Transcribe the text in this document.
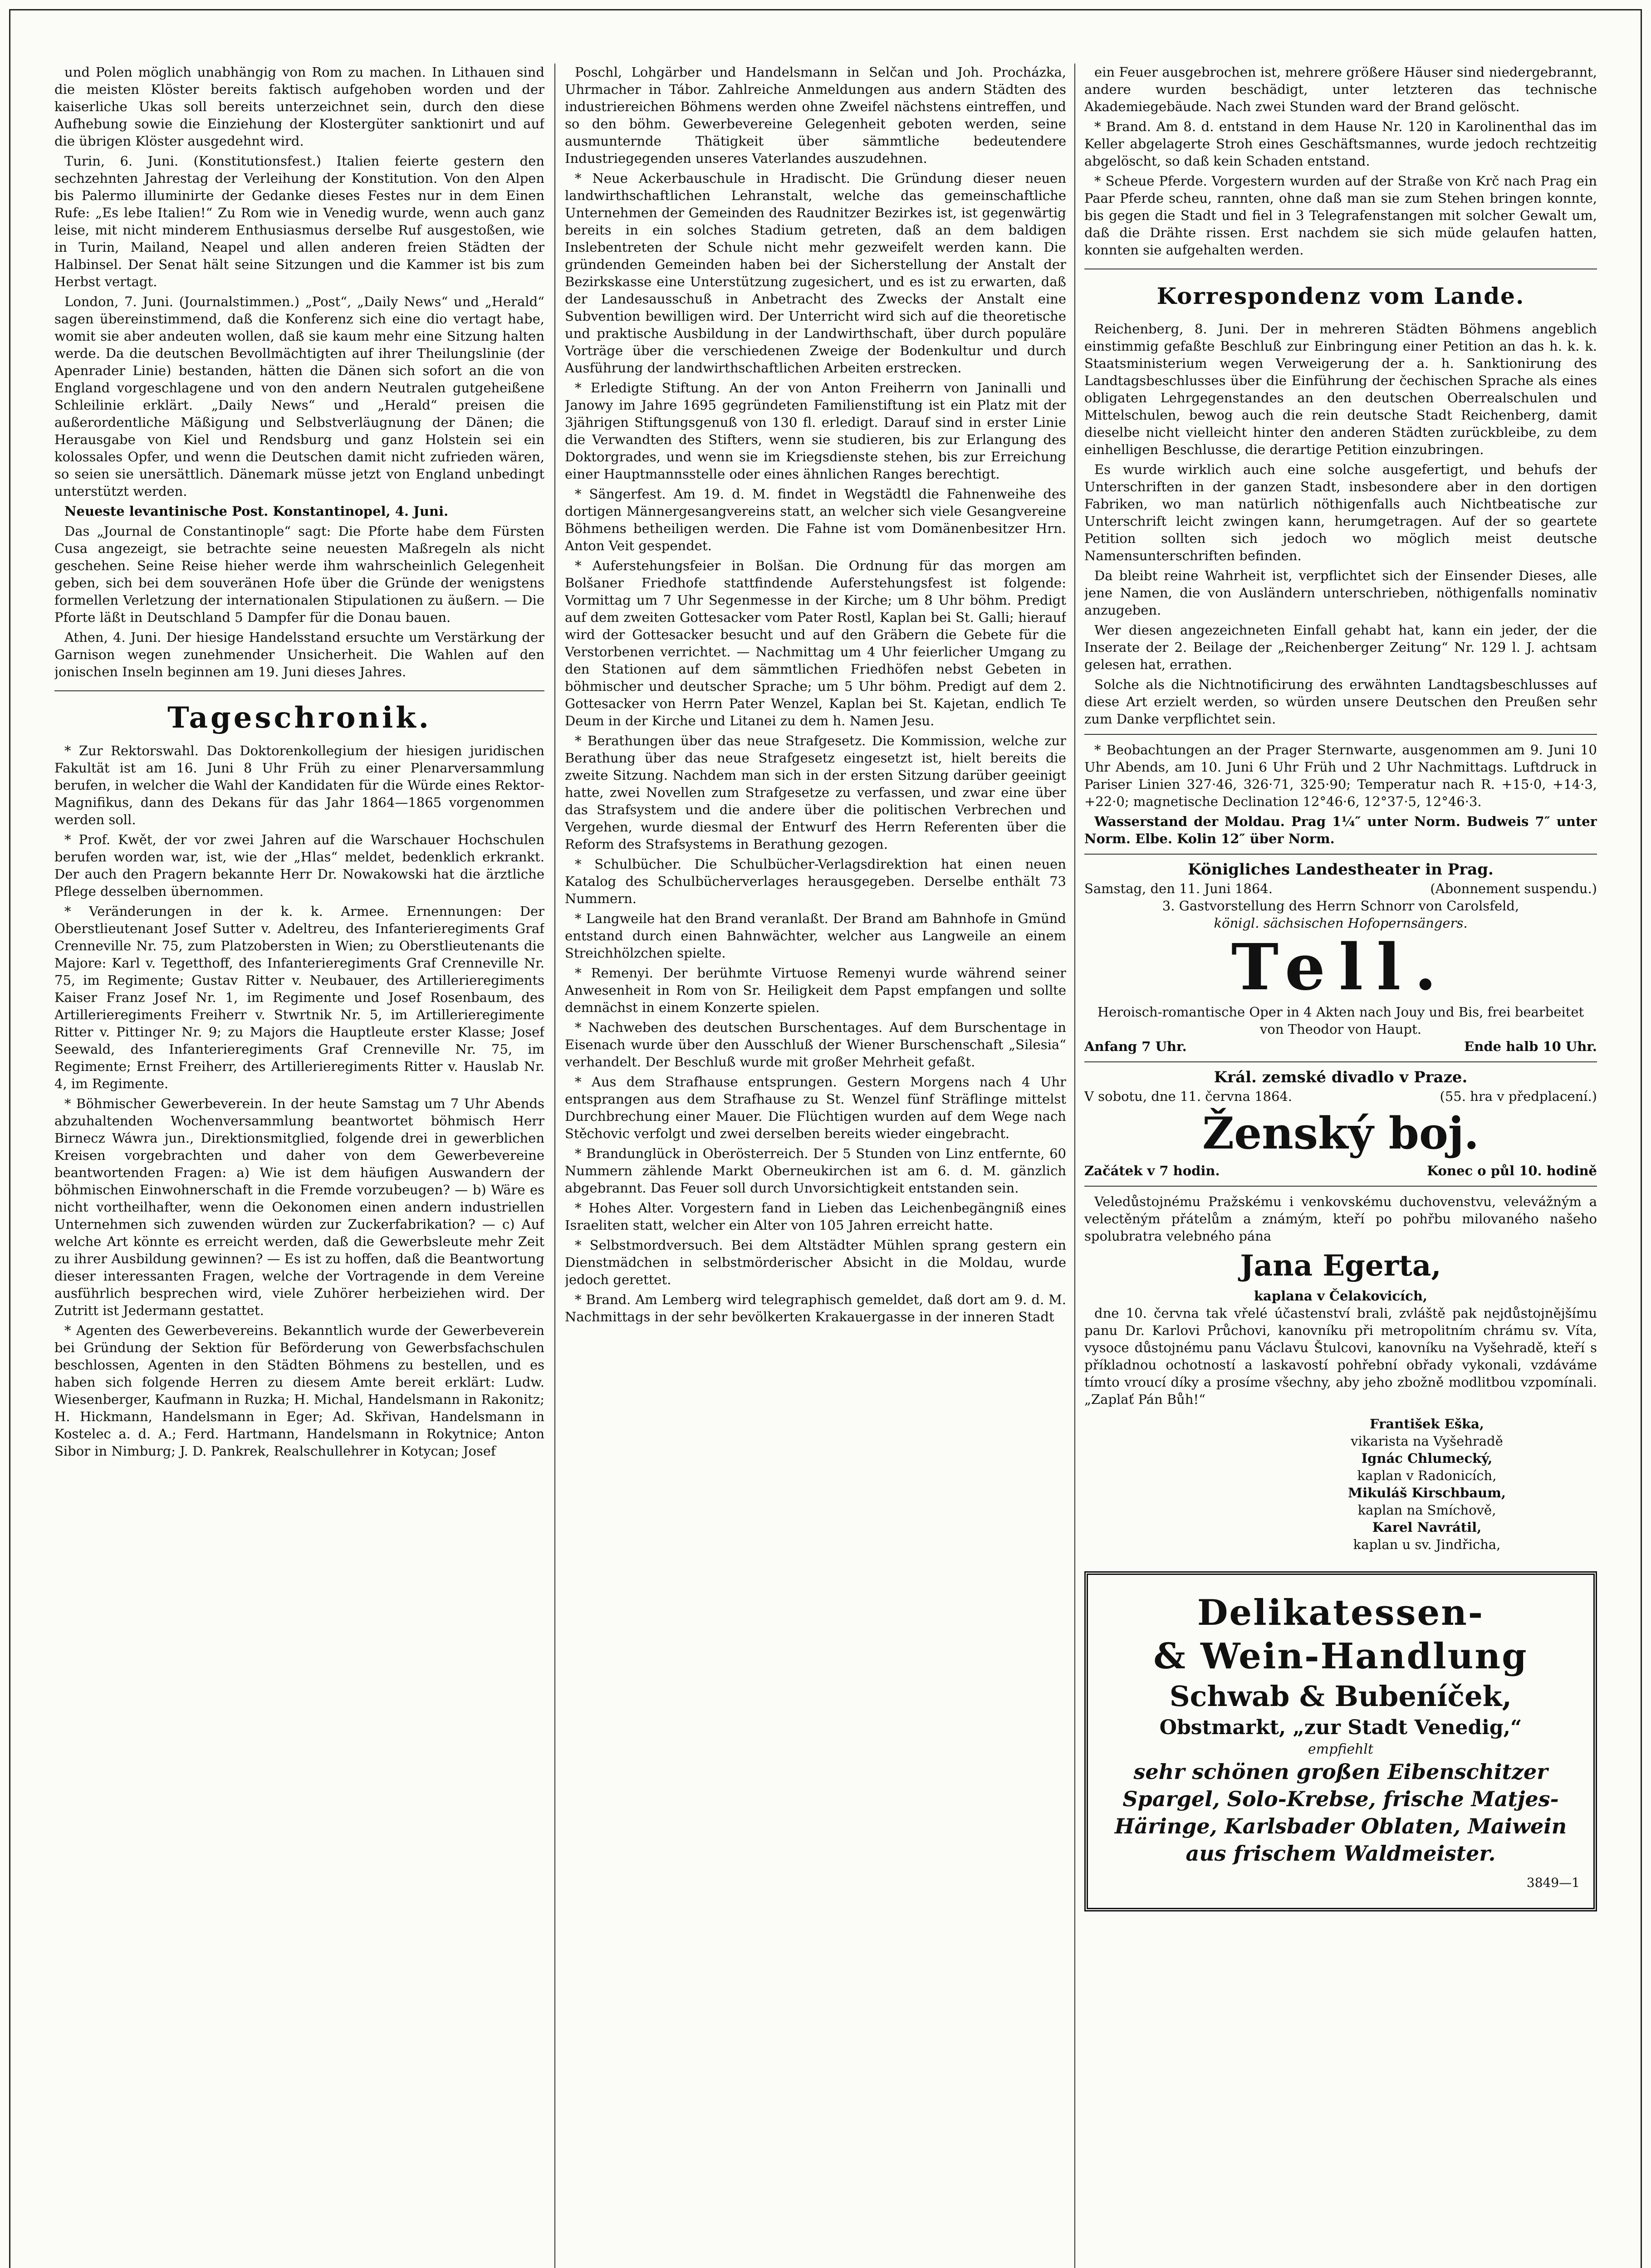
und Polen möglich unabhängig von Rom zu machen. In Lithauen sind die meisten Klöster bereits faktisch aufgehoben worden und der kaiserliche Ukas soll bereits unterzeichnet sein, durch den diese Aufhebung sowie die Einziehung der Klostergüter sanktionirt und auf die übrigen Klöster ausgedehnt wird.

Turin, 6. Juni. (Konstitutionsfest.) Italien feierte gestern den sechzehnten Jahrestag der Verleihung der Konstitution. Von den Alpen bis Palermo illuminirte der Gedanke dieses Festes nur in dem Einen Rufe: „Es lebe Italien!“ Zu Rom wie in Venedig wurde, wenn auch ganz leise, mit nicht minderem Enthusiasmus derselbe Ruf ausgestoßen, wie in Turin, Mailand, Neapel und allen anderen freien Städten der Halbinsel. Der Senat hält seine Sitzungen und die Kammer ist bis zum Herbst vertagt.

London, 7. Juni. (Journalstimmen.) „Post“, „Daily News“ und „Herald“ sagen übereinstimmend, daß die Konferenz sich eine dio vertagt habe, womit sie aber andeuten wollen, daß sie kaum mehr eine Sitzung halten werde. Da die deutschen Bevollmächtigten auf ihrer Theilungslinie (der Apenrader Linie) bestanden, hätten die Dänen sich sofort an die von England vorgeschlagene und von den andern Neutralen gutgeheißene Schleilinie erklärt. „Daily News“ und „Herald“ preisen die außerordentliche Mäßigung und Selbstverläugnung der Dänen; die Herausgabe von Kiel und Rendsburg und ganz Holstein sei ein kolossales Opfer, und wenn die Deutschen damit nicht zufrieden wären, so seien sie unersättlich. Dänemark müsse jetzt von England unbedingt unterstützt werden.

Neueste levantinische Post. Konstantinopel, 4. Juni.

Das „Journal de Constantinople“ sagt: Die Pforte habe dem Fürsten Cusa angezeigt, sie betrachte seine neuesten Maßregeln als nicht geschehen. Seine Reise hieher werde ihm wahrscheinlich Gelegenheit geben, sich bei dem souveränen Hofe über die Gründe der wenigstens formellen Verletzung der internationalen Stipulationen zu äußern. — Die Pforte läßt in Deutschland 5 Dampfer für die Donau bauen.

Athen, 4. Juni. Der hiesige Handelsstand ersuchte um Verstärkung der Garnison wegen zunehmender Unsicherheit. Die Wahlen auf den jonischen Inseln beginnen am 19. Juni dieses Jahres.

Tageschronik.

* Zur Rektorswahl. Das Doktorenkollegium der hiesigen juridischen Fakultät ist am 16. Juni 8 Uhr Früh zu einer Plenarversammlung berufen, in welcher die Wahl der Kandidaten für die Würde eines Rektor-Magnifikus, dann des Dekans für das Jahr 1864—1865 vorgenommen werden soll.

* Prof. Kwět, der vor zwei Jahren auf die Warschauer Hochschulen berufen worden war, ist, wie der „Hlas“ meldet, bedenklich erkrankt. Der auch den Pragern bekannte Herr Dr. Nowakowski hat die ärztliche Pflege desselben übernommen.

* Veränderungen in der k. k. Armee. Ernennungen: Der Oberstlieutenant Josef Sutter v. Adeltreu, des Infanterieregiments Graf Crenneville Nr. 75, zum Platzobersten in Wien; zu Oberstlieutenants die Majore: Karl v. Tegetthoff, des Infanterieregiments Graf Crenneville Nr. 75, im Regimente; Gustav Ritter v. Neubauer, des Artillerieregiments Kaiser Franz Josef Nr. 1, im Regimente und Josef Rosenbaum, des Artillerieregiments Freiherr v. Stwrtnik Nr. 5, im Artillerieregimente Ritter v. Pittinger Nr. 9; zu Majors die Hauptleute erster Klasse; Josef Seewald, des Infanterieregiments Graf Crenneville Nr. 75, im Regimente; Ernst Freiherr, des Artillerieregiments Ritter v. Hauslab Nr. 4, im Regimente.

* Böhmischer Gewerbeverein. In der heute Samstag um 7 Uhr Abends abzuhaltenden Wochenversammlung beantwortet böhmisch Herr Birnecz Wáwra jun., Direktionsmitglied, folgende drei in gewerblichen Kreisen vorgebrachten und daher von dem Gewerbevereine beantwortenden Fragen: a) Wie ist dem häufigen Auswandern der böhmischen Einwohnerschaft in die Fremde vorzubeugen? — b) Wäre es nicht vortheilhafter, wenn die Oekonomen einen andern industriellen Unternehmen sich zuwenden würden zur Zuckerfabrikation? — c) Auf welche Art könnte es erreicht werden, daß die Gewerbsleute mehr Zeit zu ihrer Ausbildung gewinnen? — Es ist zu hoffen, daß die Beantwortung dieser interessanten Fragen, welche der Vortragende in dem Vereine ausführlich besprechen wird, viele Zuhörer herbeiziehen wird. Der Zutritt ist Jedermann gestattet.

* Agenten des Gewerbevereins. Bekanntlich wurde der Gewerbeverein bei Gründung der Sektion für Beförderung von Gewerbsfachschulen beschlossen, Agenten in den Städten Böhmens zu bestellen, und es haben sich folgende Herren zu diesem Amte bereit erklärt: Ludw. Wiesenberger, Kaufmann in Ruzka; H. Michal, Handelsmann in Rakonitz; H. Hickmann, Handelsmann in Eger; Ad. Skřivan, Handelsmann in Kostelec a. d. A.; Ferd. Hartmann, Handelsmann in Rokytnice; Anton Sibor in Nimburg; J. D. Pankrek, Realschullehrer in Kotycan; Josef

Poschl, Lohgärber und Handelsmann in Selčan und Joh. Procházka, Uhrmacher in Tábor. Zahlreiche Anmeldungen aus andern Städten des industriereichen Böhmens werden ohne Zweifel nächstens eintreffen, und so den böhm. Gewerbevereine Gelegenheit geboten werden, seine ausmunternde Thätigkeit über sämmtliche bedeutendere Industriegegenden unseres Vaterlandes auszudehnen.

* Neue Ackerbauschule in Hradischt. Die Gründung dieser neuen landwirthschaftlichen Lehranstalt, welche das gemeinschaftliche Unternehmen der Gemeinden des Raudnitzer Bezirkes ist, ist gegenwärtig bereits in ein solches Stadium getreten, daß an dem baldigen Inslebentreten der Schule nicht mehr gezweifelt werden kann. Die gründenden Gemeinden haben bei der Sicherstellung der Anstalt der Bezirkskasse eine Unterstützung zugesichert, und es ist zu erwarten, daß der Landesausschuß in Anbetracht des Zwecks der Anstalt eine Subvention bewilligen wird. Der Unterricht wird sich auf die theoretische und praktische Ausbildung in der Landwirthschaft, über durch populäre Vorträge über die verschiedenen Zweige der Bodenkultur und durch Ausführung der landwirthschaftlichen Arbeiten erstrecken.

* Erledigte Stiftung. An der von Anton Freiherrn von Janinalli und Janowy im Jahre 1695 gegründeten Familienstiftung ist ein Platz mit der 3jährigen Stiftungsgenuß von 130 fl. erledigt. Darauf sind in erster Linie die Verwandten des Stifters, wenn sie studieren, bis zur Erlangung des Doktorgrades, und wenn sie im Kriegsdienste stehen, bis zur Erreichung einer Hauptmannsstelle oder eines ähnlichen Ranges berechtigt.

* Sängerfest. Am 19. d. M. findet in Wegstädtl die Fahnenweihe des dortigen Männergesangvereins statt, an welcher sich viele Gesangvereine Böhmens betheiligen werden. Die Fahne ist vom Domänenbesitzer Hrn. Anton Veit gespendet.

* Auferstehungsfeier in Bolšan. Die Ordnung für das morgen am Bolšaner Friedhofe stattfindende Auferstehungsfest ist folgende: Vormittag um 7 Uhr Segenmesse in der Kirche; um 8 Uhr böhm. Predigt auf dem zweiten Gottesacker vom Pater Rostl, Kaplan bei St. Galli; hierauf wird der Gottesacker besucht und auf den Gräbern die Gebete für die Verstorbenen verrichtet. — Nachmittag um 4 Uhr feierlicher Umgang zu den Stationen auf dem sämmtlichen Friedhöfen nebst Gebeten in böhmischer und deutscher Sprache; um 5 Uhr böhm. Predigt auf dem 2. Gottesacker von Herrn Pater Wenzel, Kaplan bei St. Kajetan, endlich Te Deum in der Kirche und Litanei zu dem h. Namen Jesu.

* Berathungen über das neue Strafgesetz. Die Kommission, welche zur Berathung über das neue Strafgesetz eingesetzt ist, hielt bereits die zweite Sitzung. Nachdem man sich in der ersten Sitzung darüber geeinigt hatte, zwei Novellen zum Strafgesetze zu verfassen, und zwar eine über das Strafsystem und die andere über die politischen Verbrechen und Vergehen, wurde diesmal der Entwurf des Herrn Referenten über die Reform des Strafsystems in Berathung gezogen.

* Schulbücher. Die Schulbücher-Verlagsdirektion hat einen neuen Katalog des Schulbücherverlages herausgegeben. Derselbe enthält 73 Nummern.

* Langweile hat den Brand veranlaßt. Der Brand am Bahnhofe in Gmünd entstand durch einen Bahnwächter, welcher aus Langweile an einem Streichhölzchen spielte.

* Remenyi. Der berühmte Virtuose Remenyi wurde während seiner Anwesenheit in Rom von Sr. Heiligkeit dem Papst empfangen und sollte demnächst in einem Konzerte spielen.

* Nachweben des deutschen Burschentages. Auf dem Burschentage in Eisenach wurde über den Ausschluß der Wiener Burschenschaft „Silesia“ verhandelt. Der Beschluß wurde mit großer Mehrheit gefaßt.

* Aus dem Strafhause entsprungen. Gestern Morgens nach 4 Uhr entsprangen aus dem Strafhause zu St. Wenzel fünf Sträflinge mittelst Durchbrechung einer Mauer. Die Flüchtigen wurden auf dem Wege nach Stěchovic verfolgt und zwei derselben bereits wieder eingebracht.

* Brandunglück in Oberösterreich. Der 5 Stunden von Linz entfernte, 60 Nummern zählende Markt Oberneukirchen ist am 6. d. M. gänzlich abgebrannt. Das Feuer soll durch Unvorsichtigkeit entstanden sein.

* Hohes Alter. Vorgestern fand in Lieben das Leichenbegängniß eines Israeliten statt, welcher ein Alter von 105 Jahren erreicht hatte.

* Selbstmordversuch. Bei dem Altstädter Mühlen sprang gestern ein Dienstmädchen in selbstmörderischer Absicht in die Moldau, wurde jedoch gerettet.

* Brand. Am Lemberg wird telegraphisch gemeldet, daß dort am 9. d. M. Nachmittags in der sehr bevölkerten Krakauergasse in der inneren Stadt

ein Feuer ausgebrochen ist, mehrere größere Häuser sind niedergebrannt, andere wurden beschädigt, unter letzteren das technische Akademiegebäude. Nach zwei Stunden ward der Brand gelöscht.

* Brand. Am 8. d. entstand in dem Hause Nr. 120 in Karolinenthal das im Keller abgelagerte Stroh eines Geschäftsmannes, wurde jedoch rechtzeitig abgelöscht, so daß kein Schaden entstand.

* Scheue Pferde. Vorgestern wurden auf der Straße von Krč nach Prag ein Paar Pferde scheu, rannten, ohne daß man sie zum Stehen bringen konnte, bis gegen die Stadt und fiel in 3 Telegrafenstangen mit solcher Gewalt um, daß die Drähte rissen. Erst nachdem sie sich müde gelaufen hatten, konnten sie aufgehalten werden.

Korrespondenz vom Lande.

Reichenberg, 8. Juni. Der in mehreren Städten Böhmens angeblich einstimmig gefaßte Beschluß zur Einbringung einer Petition an das h. k. k. Staatsministerium wegen Verweigerung der a. h. Sanktionirung des Landtagsbeschlusses über die Einführung der čechischen Sprache als eines obligaten Lehrgegenstandes an den deutschen Oberrealschulen und Mittelschulen, bewog auch die rein deutsche Stadt Reichenberg, damit dieselbe nicht vielleicht hinter den anderen Städten zurückbleibe, zu dem einhelligen Beschlusse, die derartige Petition einzubringen.

Es wurde wirklich auch eine solche ausgefertigt, und behufs der Unterschriften in der ganzen Stadt, insbesondere aber in den dortigen Fabriken, wo man natürlich nöthigenfalls auch Nichtbeatische zur Unterschrift leicht zwingen kann, herumgetragen. Auf der so geartete Petition sollten sich jedoch wo möglich meist deutsche Namensunterschriften befinden.

Da bleibt reine Wahrheit ist, verpflichtet sich der Einsender Dieses, alle jene Namen, die von Ausländern unterschrieben, nöthigenfalls nominativ anzugeben.

Wer diesen angezeichneten Einfall gehabt hat, kann ein jeder, der die Inserate der 2. Beilage der „Reichenberger Zeitung“ Nr. 129 l. J. achtsam gelesen hat, errathen.

Solche als die Nichtnotificirung des erwähnten Landtagsbeschlusses auf diese Art erzielt werden, so würden unsere Deutschen den Preußen sehr zum Danke verpflichtet sein.

* Beobachtungen an der Prager Sternwarte, ausgenommen am 9. Juni 10 Uhr Abends, am 10. Juni 6 Uhr Früh und 2 Uhr Nachmittags. Luftdruck in Pariser Linien 327·46, 326·71, 325·90; Temperatur nach R. +15·0, +14·3, +22·0; magnetische Declination 12°46·6, 12°37·5, 12°46·3.

Wasserstand der Moldau. Prag 1¼″ unter Norm. Budweis 7″ unter Norm. Elbe. Kolin 12″ über Norm.

Königliches Landestheater in Prag.
Samstag, den 11. Juni 1864.	(Abonnement suspendu.)
3. Gastvorstellung des Herrn Schnorr von Carolsfeld,
königl. sächsischen Hofopernsängers.
Tell.
Heroisch-romantische Oper in 4 Akten nach Jouy und Bis, frei bearbeitet von Theodor von Haupt.
Anfang 7 Uhr.	Ende halb 10 Uhr.
Král. zemské divadlo v Praze.
V sobotu, dne 11. června 1864.	(55. hra v předplacení.)
Ženský boj.
Začátek v 7 hodin.	Konec o půl 10. hodině

Veledůstojnému Pražskému i venkovskému duchovenstvu, velevážným a velectěným přátelům a známým, kteří po pohřbu milovaného našeho spolubratra velebného pána

Jana Egerta,
kaplana v Čelakovicích,

dne 10. června tak vřelé účastenství brali, zvláště pak nejdůstojnějšímu panu Dr. Karlovi Průchovi, kanovníku při metropolitním chrámu sv. Víta, vysoce důstojnému panu Václavu Štulcovi, kanovníku na Vyšehradě, kteří s příkladnou ochotností a laskavostí pohřební obřady vykonali, vzdáváme tímto vroucí díky a prosíme všechny, aby jeho zbožně modlitbou vzpomínali. „Zaplať Pán Bůh!“

František Eška,
vikarista na Vyšehradě
Ignác Chlumecký,
kaplan v Radonicích,
Mikuláš Kirschbaum,
kaplan na Smíchově,
Karel Navrátil,
kaplan u sv. Jindřicha,
Delikatessen-
& Wein-Handlung
Schwab & Bubeníček,
Obstmarkt, „zur Stadt Venedig,“
empfiehlt
sehr schönen großen Eibenschitzer Spargel, Solo-Krebse, frische Matjes-Häringe, Karlsbader Oblaten, Maiwein aus frischem Waldmeister.
3849—1
